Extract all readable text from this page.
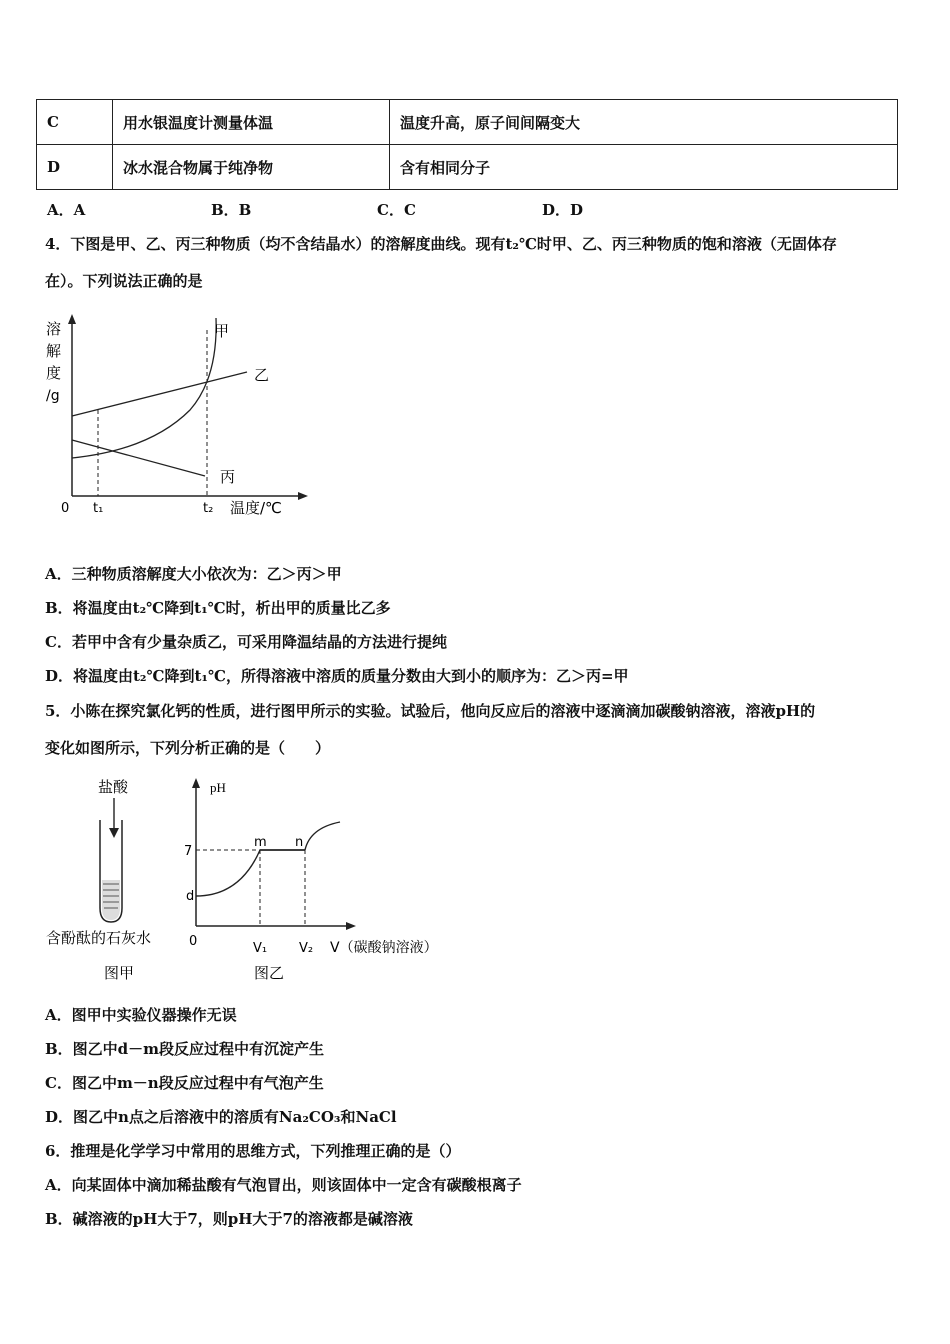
C	用水银温度计测量体温	温度升高，原子间间隔变大
D	冰水混合物属于纯净物	含有相同分子
A．A	B．B	C．C	D．D
4．下图是甲、乙、丙三种物质（均不含结晶水）的溶解度曲线。现有t₂℃时甲、乙、丙三种物质的饱和溶液（无固体存
在）。下列说法正确的是
溶
解
度
/g
甲
乙
丙
0 t₁	t₂ 温度/℃
A．三种物质溶解度大小依次为：乙＞丙＞甲
B．将温度由t₂℃降到t₁℃时，析出甲的质量比乙多
C．若甲中含有少量杂质乙，可采用降温结晶的方法进行提纯
D．将温度由t₂℃降到t₁℃，所得溶液中溶质的质量分数由大到小的顺序为：乙＞丙=甲
5．小陈在探究氯化钙的性质，进行图甲所示的实验。试验后，他向反应后的溶液中逐滴滴加碳酸钠溶液，溶液pH的
变化如图所示，下列分析正确的是（　　）
盐酸
含酚酞的石灰水
图甲
pH
7
d
m n
0	V₁ V₂ V（碳酸钠溶液）
图乙
A．图甲中实验仪器操作无误
B．图乙中d－m段反应过程中有沉淀产生
C．图乙中m－n段反应过程中有气泡产生
D．图乙中n点之后溶液中的溶质有Na₂CO₃和NaCl
6．推理是化学学习中常用的思维方式，下列推理正确的是（）
A．向某固体中滴加稀盐酸有气泡冒出，则该固体中一定含有碳酸根离子
B．碱溶液的pH大于7，则pH大于7的溶液都是碱溶液
